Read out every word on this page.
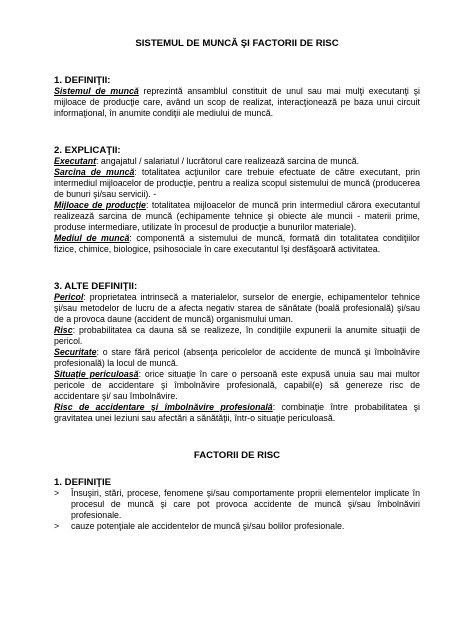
SISTEMUL DE MUNCĂ ŞI FACTORII DE RISC

1. DEFINIŢII:

Sistemul de muncă reprezintă ansamblul constituit de unul sau mai mulţi executanţi şi mijloace de producţie care, având un scop de realizat, interacţionează pe baza unui circuit informaţional, în anumite condiţii ale mediului de muncă.

2. EXPLICAŢII:

Executant: angajatul / salariatul / lucrătorul care realizează sarcina de muncă.

Sarcina de muncă: totalitatea acţiunilor care trebuie efectuate de către executant, prin intermediul mijloacelor de producţie, pentru a realiza scopul sistemului de muncă (producerea de bunuri şi/sau servicii). -

Mijloace de producţie: totalitatea mijloacelor de muncă prin intermediul cărora executantul realizează sarcina de muncă (echipamente tehnice şi obiecte ale muncii - materii prime, produse intermediare, utilizate în procesul de producţie a bunurilor materiale).

Mediul de muncă: componentă a sistemului de muncă, formată din totalitatea condiţiilor fizice, chimice, biologice, psihosociale în care executantul îşi desfăşoară activitatea.

3. ALTE DEFINIŢII:

Pericol: proprietatea intrinsecă a materialelor, surselor de energie, echipamentelor tehnice şi/sau metodelor de lucru de a afecta negativ starea de sănătate (boală profesională) şi/sau de a provoca daune (accident de muncă) organismului uman.

Risc: probabilitatea ca dauna să se realizeze, în condiţiile expunerii la anumite situaţii de pericol.

Securitate: o stare fără pericol (absenţa pericolelor de accidente de muncă şi îmbolnăvire profesională) la locul de muncă.

Situaţie periculoasă: orice situaţie în care o persoană este expusă unuia sau mai multor pericole de accidentare şi îmbolnăvire profesională, capabil(e) să genereze risc de accidentare şi/ sau îmbolnăvire.

Risc de accidentare şi îmbolnăvire profesională: combinaţie între probabilitatea şi gravitatea unei leziuni sau afectări a sănătăţii, într-o situaţie periculoasă.

FACTORII DE RISC

1. DEFINIŢIE

> Însuşiri, stări, procese, fenomene şi/sau comportamente proprii elementelor implicate în procesul de muncă şi care pot provoca accidente de muncă şi/sau îmbolnăviri profesionale.
> cauze potenţiale ale accidentelor de muncă şi/sau bolilor profesionale.
